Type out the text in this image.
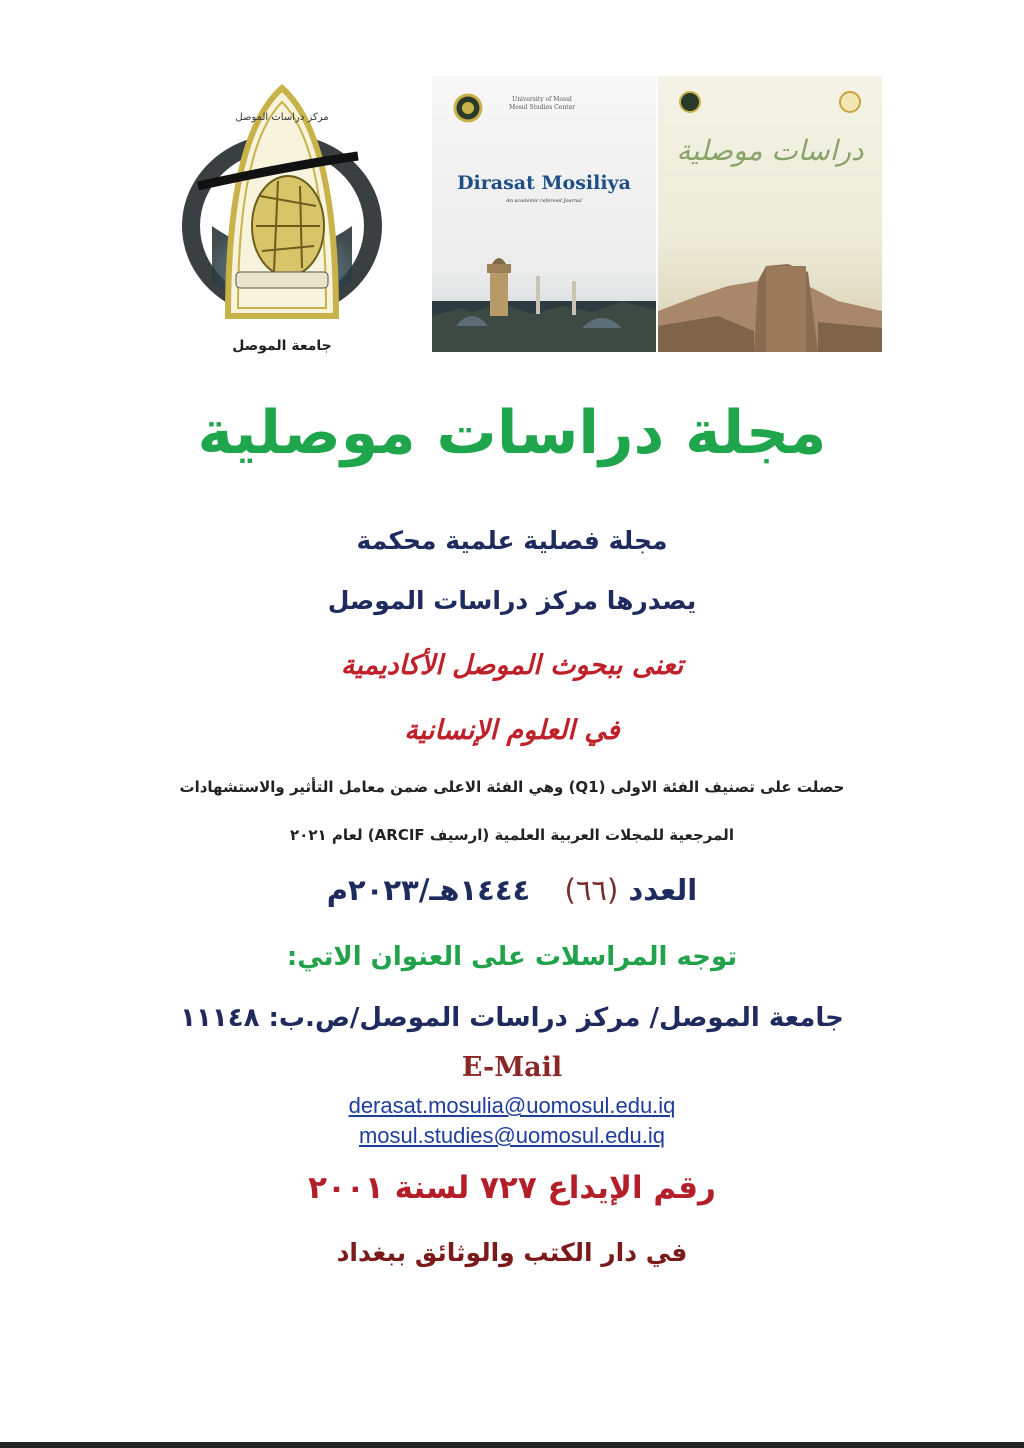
مركز دراسات الموصل
جامعة الموصل
University of Mosul
Mosul Studies Center
Dirasat Mosiliya
An academic refereed Journal
دراسات موصلية
مجلة دراسات موصلية
مجلة فصلية علمية محكمة
يصدرها مركز دراسات الموصل
تعنى ببحوث الموصل الأكاديمية
في العلوم الإنسانية
حصلت على تصنيف الفئة الاولى (Q1) وهي الفئة الاعلى ضمن معامل التأثير والاستشهادات
المرجعية للمجلات العربية العلمية (ارسيف ARCIF) لعام ٢٠٢١
العدد (٦٦)  ١٤٤٤هـ/٢٠٢٣م
توجه المراسلات على العنوان الاتي:
جامعة الموصل/ مركز دراسات الموصل/ص.ب: ١١١٤٨
E-Mail
derasat.mosulia@uomosul.edu.iq
mosul.studies@uomosul.edu.iq
رقم الإيداع ٧٢٧ لسنة ٢٠٠١
في دار الكتب والوثائق ببغداد
